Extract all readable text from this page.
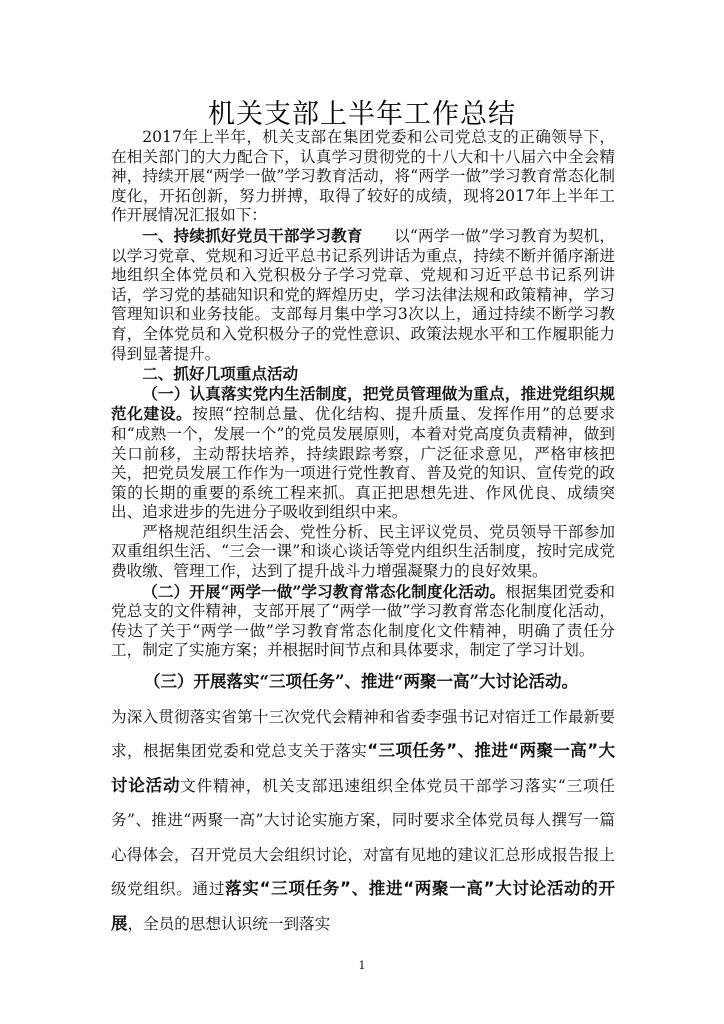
机关支部上半年工作总结

2017年上半年，机关支部在集团党委和公司党总支的正确领导下，在相关部门的大力配合下，认真学习贯彻党的十八大和十八届六中全会精神，持续开展“两学一做”学习教育活动，将“两学一做”学习教育常态化制度化，开拓创新，努力拼搏，取得了较好的成绩，现将2017年上半年工作开展情况汇报如下：

一、持续抓好党员干部学习教育　　以“两学一做”学习教育为契机，以学习党章、党规和习近平总书记系列讲话为重点，持续不断并循序渐进地组织全体党员和入党积极分子学习党章、党规和习近平总书记系列讲话，学习党的基础知识和党的辉煌历史，学习法律法规和政策精神，学习管理知识和业务技能。支部每月集中学习3次以上，通过持续不断学习教育，全体党员和入党积极分子的党性意识、政策法规水平和工作履职能力得到显著提升。

二、抓好几项重点活动

（一）认真落实党内生活制度，把党员管理做为重点，推进党组织规范化建设。按照“控制总量、优化结构、提升质量、发挥作用”的总要求和“成熟一个，发展一个”的党员发展原则，本着对党高度负责精神，做到关口前移，主动帮扶培养，持续跟踪考察，广泛征求意见，严格审核把关，把党员发展工作作为一项进行党性教育、普及党的知识、宣传党的政策的长期的重要的系统工程来抓。真正把思想先进、作风优良、成绩突出、追求进步的先进分子吸收到组织中来。

严格规范组织生活会、党性分析、民主评议党员、党员领导干部参加双重组织生活、“三会一课”和谈心谈话等党内组织生活制度，按时完成党费收缴、管理工作，达到了提升战斗力增强凝聚力的良好效果。

（二）开展“两学一做”学习教育常态化制度化活动。根据集团党委和党总支的文件精神，支部开展了“两学一做”学习教育常态化制度化活动，传达了关于“两学一做”学习教育常态化制度化文件精神，明确了责任分工，制定了实施方案；并根据时间节点和具体要求，制定了学习计划。

（三）开展落实“三项任务”、推进“两聚一高”大讨论活动。

为深入贯彻落实省第十三次党代会精神和省委李强书记对宿迁工作最新要求，根据集团党委和党总支关于落实“三项任务”、推进“两聚一高”大讨论活动文件精神，机关支部迅速组织全体党员干部学习落实“三项任务”、推进“两聚一高”大讨论实施方案，同时要求全体党员每人撰写一篇心得体会，召开党员大会组织讨论，对富有见地的建议汇总形成报告报上级党组织。通过落实“三项任务”、推进“两聚一高”大讨论活动的开展，全员的思想认识统一到落实

1
